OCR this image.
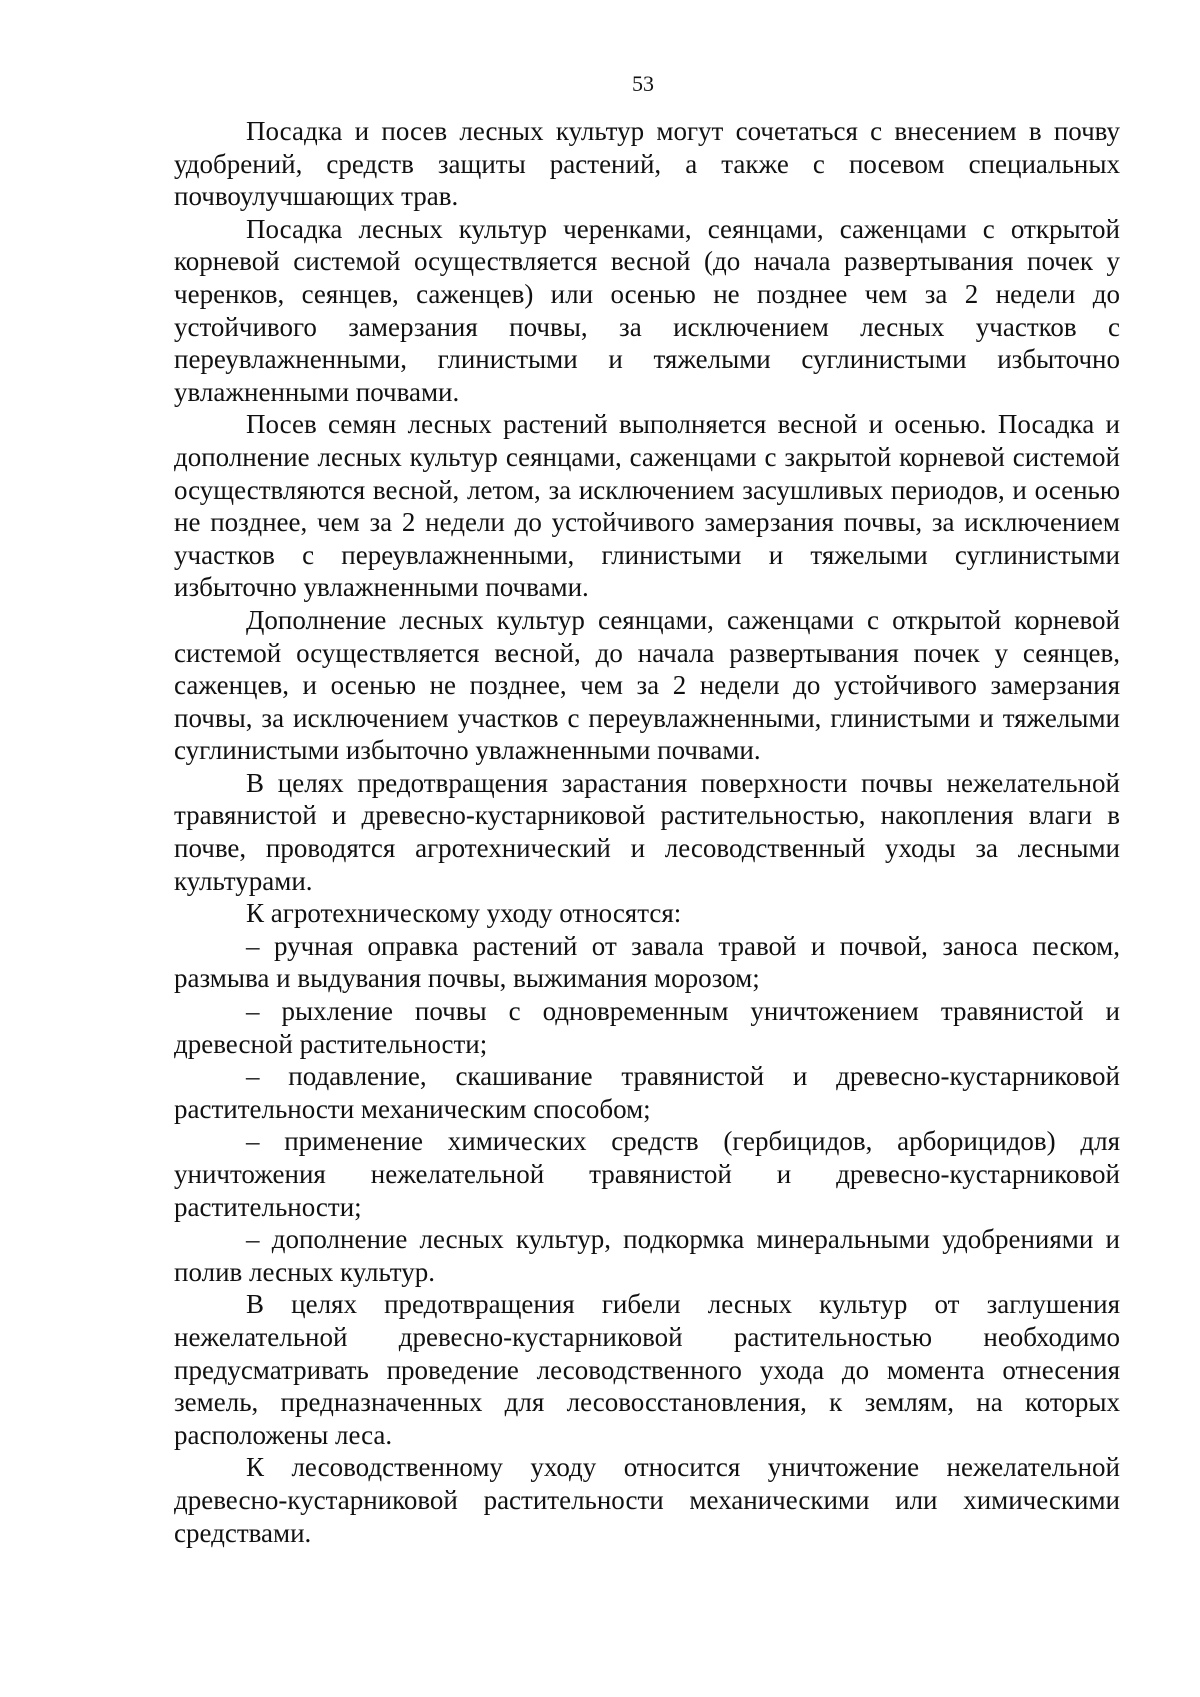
53

Посадка и посев лесных культур могут сочетаться с внесением в почву удобрений, средств защиты растений, а также с посевом специальных почвоулучшающих трав.

Посадка лесных культур черенками, сеянцами, саженцами с открытой корневой системой осуществляется весной (до начала развертывания почек у черенков, сеянцев, саженцев) или осенью не позднее чем за 2 недели до устойчивого замерзания почвы, за исключением лесных участков с переувлажненными, глинистыми и тяжелыми суглинистыми избыточно увлажненными почвами.

Посев семян лесных растений выполняется весной и осенью. Посадка и дополнение лесных культур сеянцами, саженцами с закрытой корневой системой осуществляются весной, летом, за исключением засушливых периодов, и осенью не позднее, чем за 2 недели до устойчивого замерзания почвы, за исключением участков с переувлажненными, глинистыми и тяжелыми суглинистыми избыточно увлажненными почвами.

Дополнение лесных культур сеянцами, саженцами с открытой корневой системой осуществляется весной, до начала развертывания почек у сеянцев, саженцев, и осенью не позднее, чем за 2 недели до устойчивого замерзания почвы, за исключением участков с переувлажненными, глинистыми и тяжелыми суглинистыми избыточно увлажненными почвами.

В целях предотвращения зарастания поверхности почвы нежелательной травянистой и древесно-кустарниковой растительностью, накопления влаги в почве, проводятся агротехнический и лесоводственный уходы за лесными культурами.

К агротехническому уходу относятся:

– ручная оправка растений от завала травой и почвой, заноса песком, размыва и выдувания почвы, выжимания морозом;

– рыхление почвы с одновременным уничтожением травянистой и древесной растительности;

– подавление, скашивание травянистой и древесно-кустарниковой растительности механическим способом;

– применение химических средств (гербицидов, арборицидов) для уничтожения нежелательной травянистой и древесно-кустарниковой растительности;

– дополнение лесных культур, подкормка минеральными удобрениями и полив лесных культур.

В целях предотвращения гибели лесных культур от заглушения нежелательной древесно-кустарниковой растительностью необходимо предусматривать проведение лесоводственного ухода до момента отнесения земель, предназначенных для лесовосстановления, к землям, на которых расположены леса.

К лесоводственному уходу относится уничтожение нежелательной древесно-кустарниковой растительности механическими или химическими средствами.
